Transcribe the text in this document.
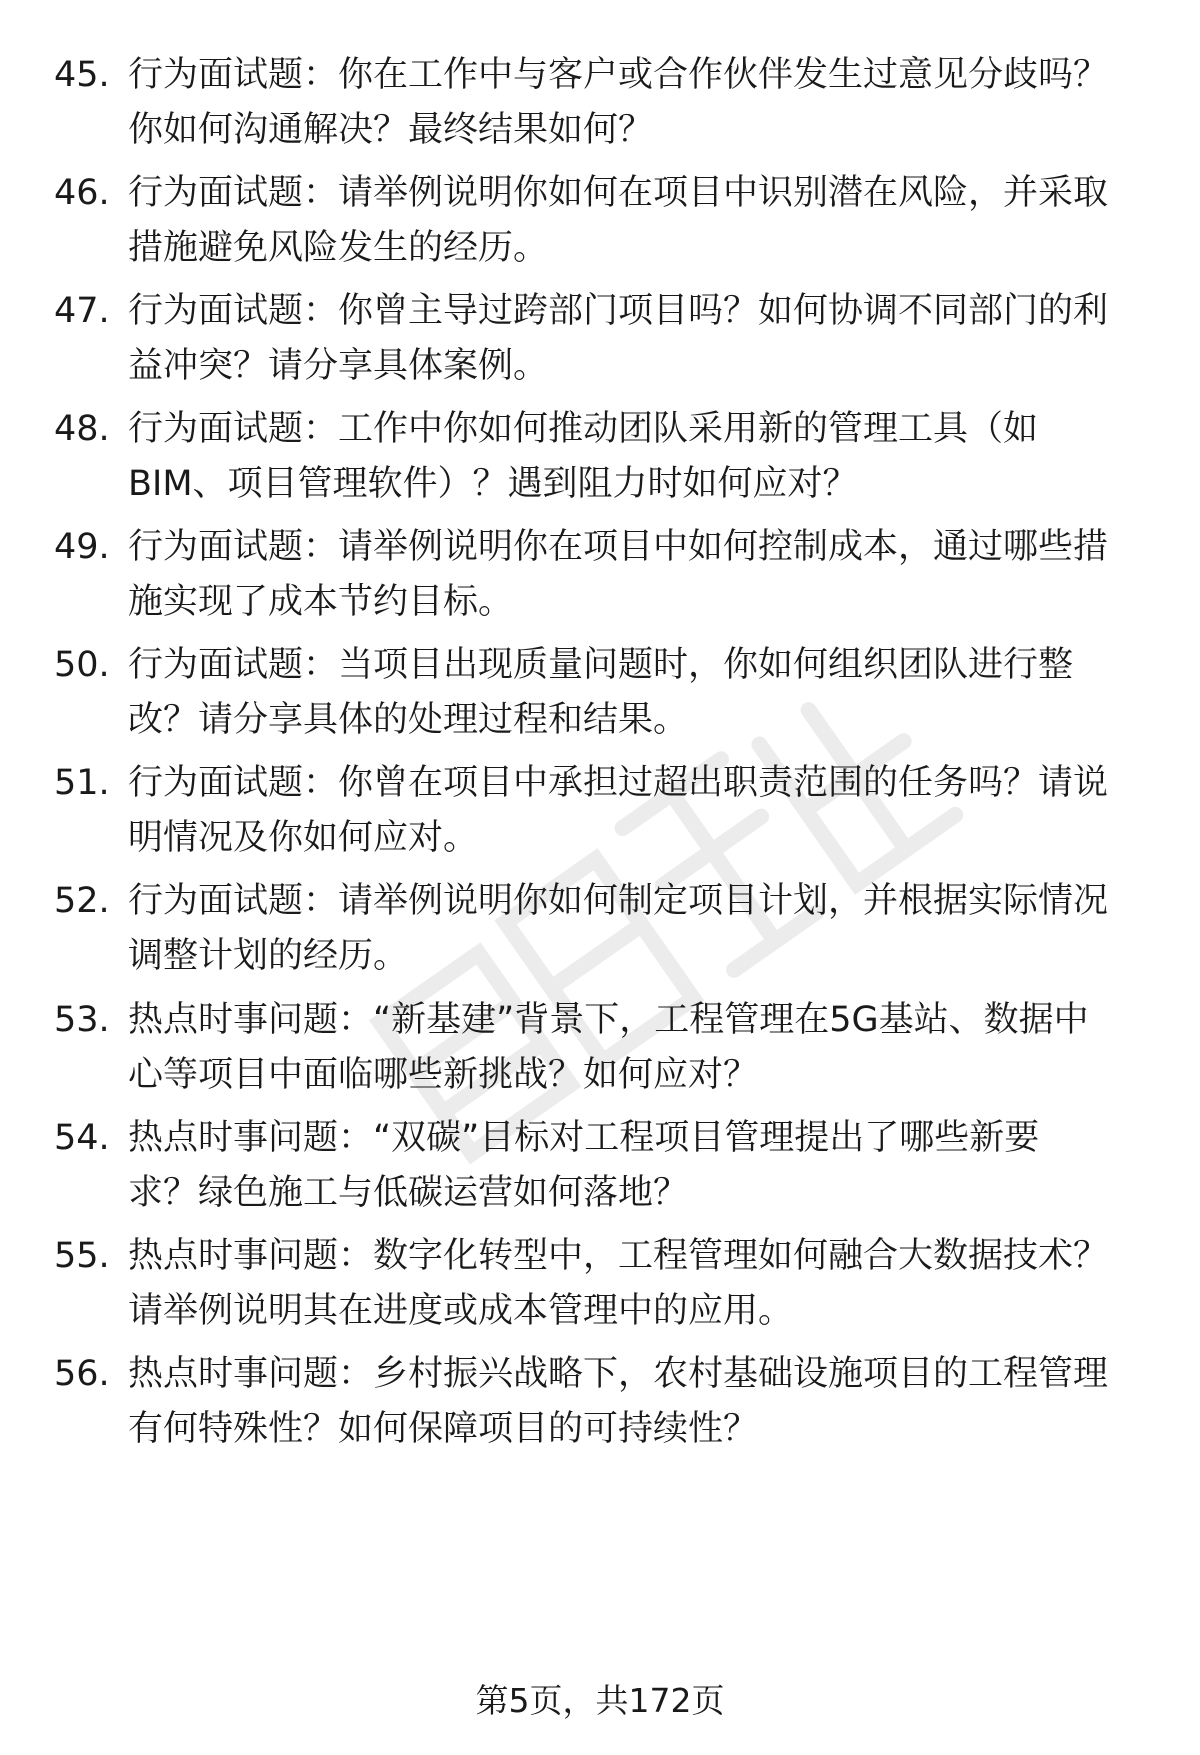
45. 行为面试题：你在工作中与客户或合作伙伴发生过意见分歧吗？
你如何沟通解决？最终结果如何？
46. 行为面试题：请举例说明你如何在项目中识别潜在风险，并采取
措施避免风险发生的经历。
47. 行为面试题：你曾主导过跨部门项目吗？如何协调不同部门的利
益冲突？请分享具体案例。
48. 行为面试题：工作中你如何推动团队采用新的管理工具（如
BIM、项目管理软件）？遇到阻力时如何应对？
49. 行为面试题：请举例说明你在项目中如何控制成本，通过哪些措
施实现了成本节约目标。
50. 行为面试题：当项目出现质量问题时，你如何组织团队进行整
改？请分享具体的处理过程和结果。
51. 行为面试题：你曾在项目中承担过超出职责范围的任务吗？请说
明情况及你如何应对。
52. 行为面试题：请举例说明你如何制定项目计划，并根据实际情况
调整计划的经历。
53. 热点时事问题：“新基建”背景下，工程管理在5G基站、数据中
心等项目中面临哪些新挑战？如何应对？
54. 热点时事问题：“双碳”目标对工程项目管理提出了哪些新要
求？绿色施工与低碳运营如何落地？
55. 热点时事问题：数字化转型中，工程管理如何融合大数据技术？
请举例说明其在进度或成本管理中的应用。
56. 热点时事问题：乡村振兴战略下，农村基础设施项目的工程管理
有何特殊性？如何保障项目的可持续性？
第5页，共172页
